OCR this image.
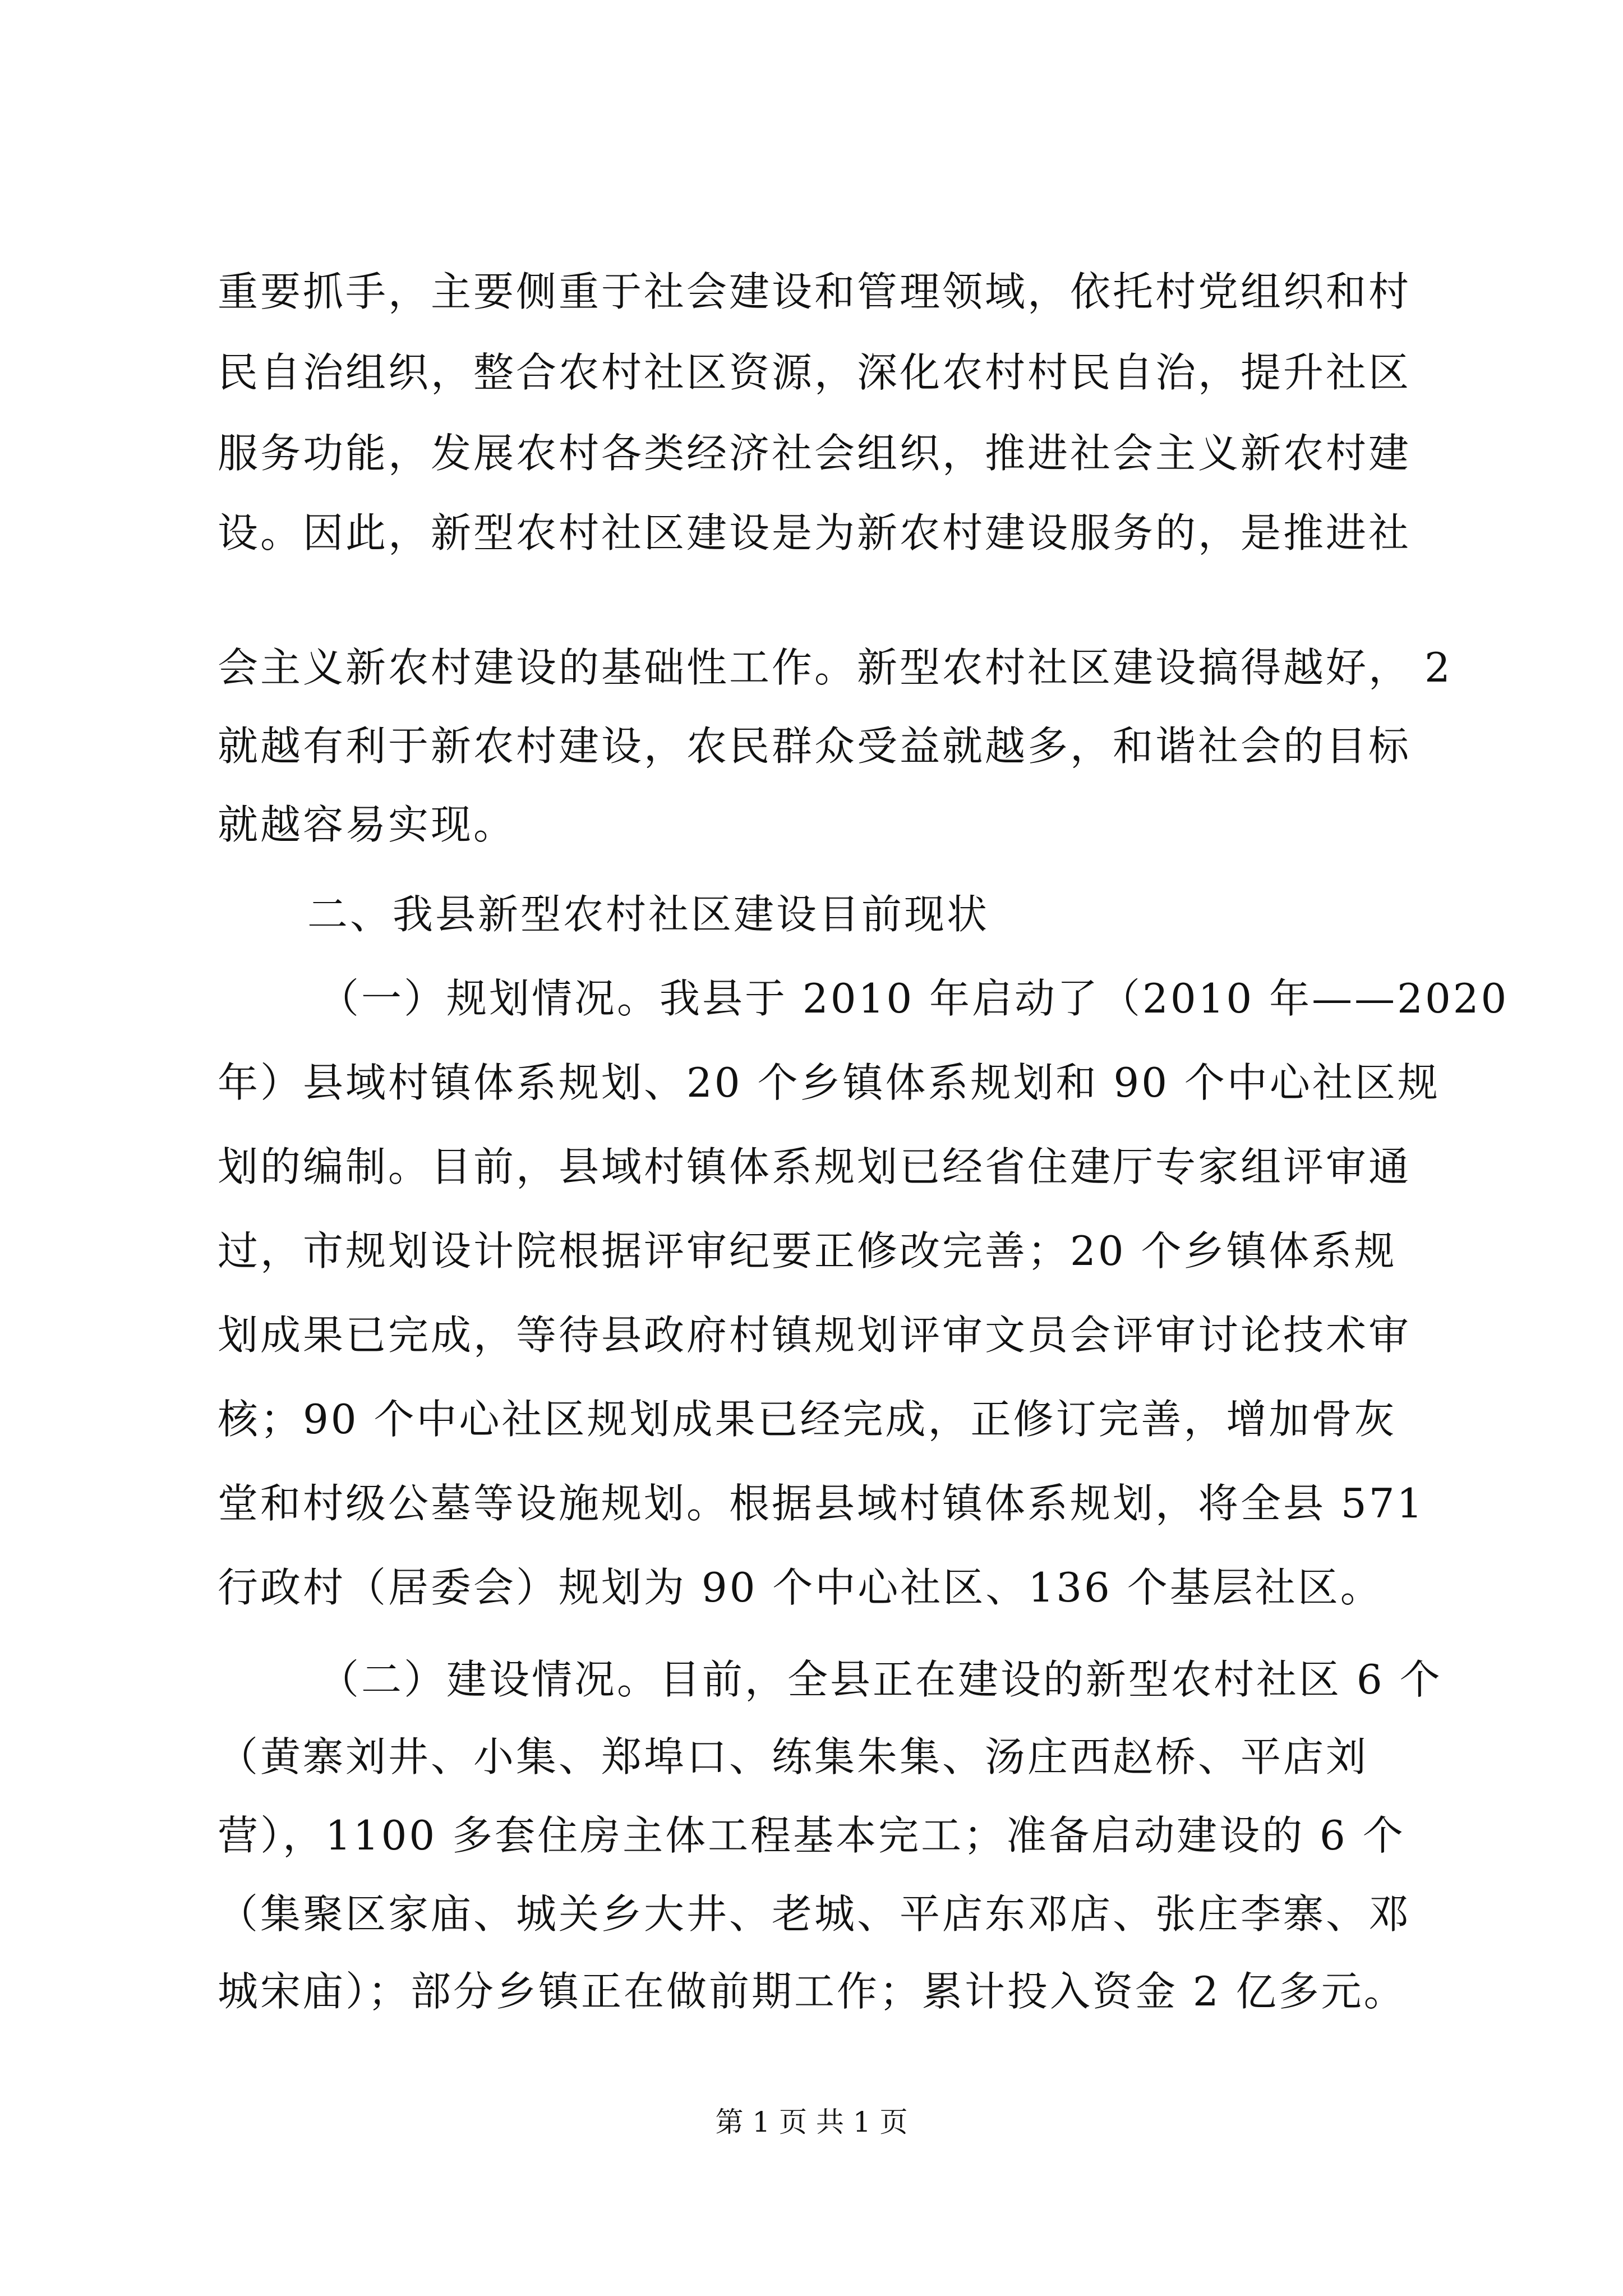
重要抓手，主要侧重于社会建设和管理领域，依托村党组织和村
民自治组织，整合农村社区资源，深化农村村民自治，提升社区
服务功能，发展农村各类经济社会组织，推进社会主义新农村建
设。因此，新型农村社区建设是为新农村建设服务的，是推进社
会主义新农村建设的基础性工作。新型农村社区建设搞得越好， 2
就越有利于新农村建设，农民群众受益就越多，和谐社会的目标
就越容易实现。
二、我县新型农村社区建设目前现状
（一）规划情况。我县于 2010 年启动了（2010 年——2020
年）县域村镇体系规划、20 个乡镇体系规划和 90 个中心社区规
划的编制。目前，县域村镇体系规划已经省住建厅专家组评审通
过，市规划设计院根据评审纪要正修改完善；20 个乡镇体系规
划成果已完成，等待县政府村镇规划评审文员会评审讨论技术审
核；90 个中心社区规划成果已经完成，正修订完善，增加骨灰
堂和村级公墓等设施规划。根据县域村镇体系规划，将全县 571
行政村（居委会）规划为 90 个中心社区、136 个基层社区。
（二）建设情况。目前，全县正在建设的新型农村社区 6 个
（黄寨刘井、小集、郑埠口、练集朱集、汤庄西赵桥、平店刘
营），1100 多套住房主体工程基本完工；准备启动建设的 6 个
（集聚区家庙、城关乡大井、老城、平店东邓店、张庄李寨、邓
城宋庙）；部分乡镇正在做前期工作；累计投入资金 2 亿多元。
第 1 页 共 1 页
